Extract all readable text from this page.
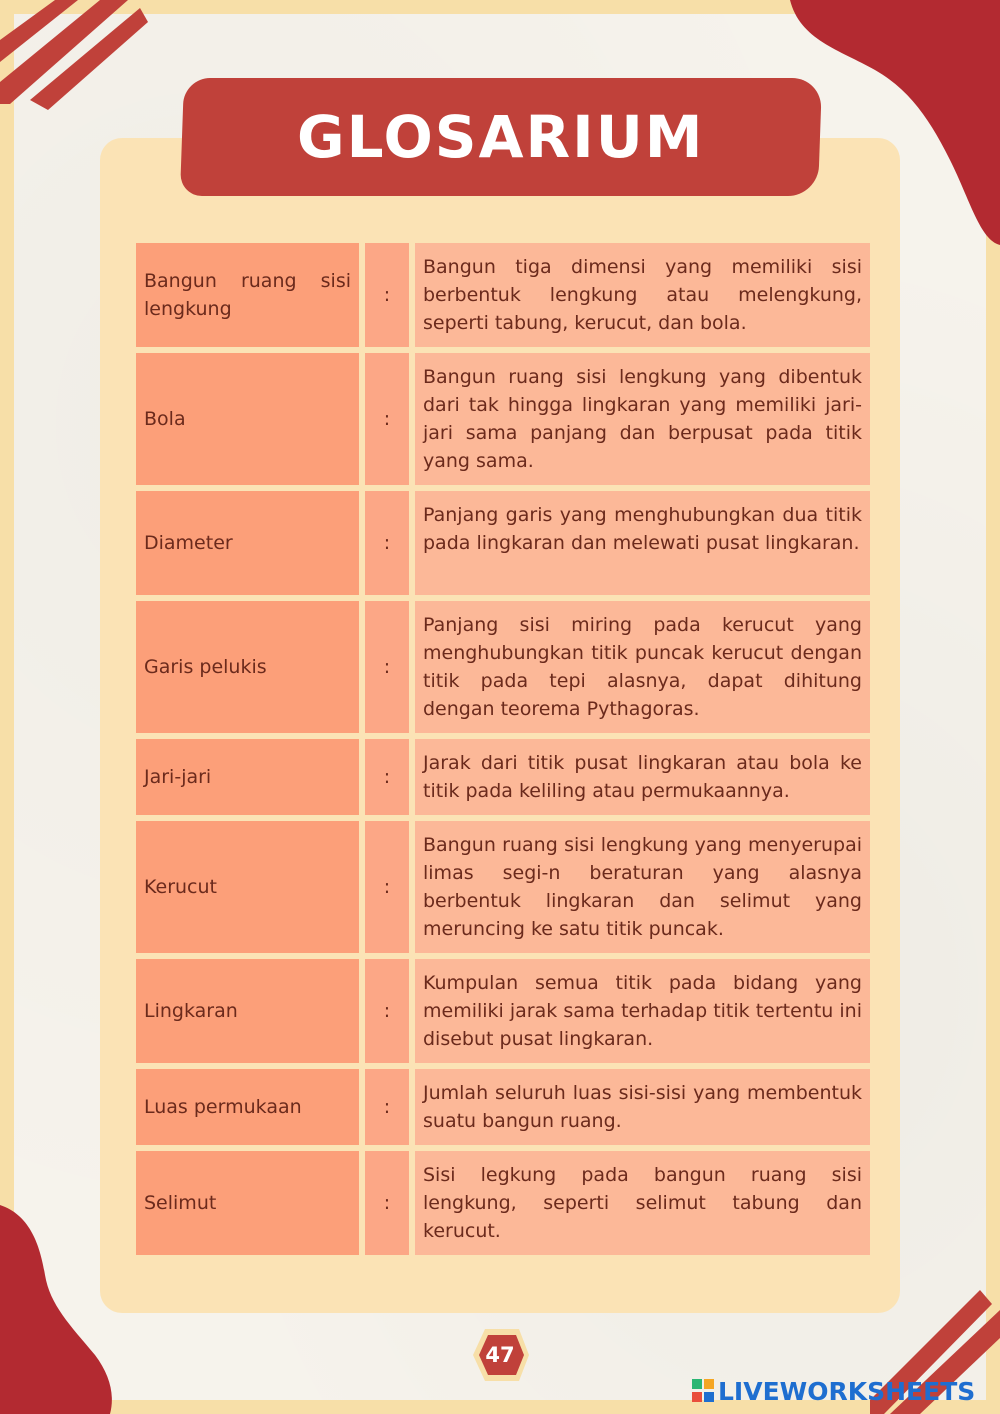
GLOSARIUM
Bangun ruang sisi lengkung
:
Bangun tiga dimensi yang memiliki sisi berbentuk lengkung atau melengkung, seperti tabung, kerucut, dan bola.
Bola	:
Bangun ruang sisi lengkung yang dibentuk dari tak hingga lingkaran yang memiliki jari-jari sama panjang dan berpusat pada titik yang sama.
Diameter	:
Panjang garis yang menghubungkan dua titik pada lingkaran dan melewati pusat lingkaran.
Garis pelukis	:
Panjang sisi miring pada kerucut yang menghubungkan titik puncak kerucut dengan titik pada tepi alasnya, dapat dihitung dengan teorema Pythagoras.
Jari-jari	:
Jarak dari titik pusat lingkaran atau bola ke titik pada keliling atau permukaannya.
Kerucut	:
Bangun ruang sisi lengkung yang menyerupai limas segi-n beraturan yang alasnya berbentuk lingkaran dan selimut yang meruncing ke satu titik puncak.
Lingkaran	:
Kumpulan semua titik pada bidang yang memiliki jarak sama terhadap titik tertentu ini disebut pusat lingkaran.
Luas permukaan	:
Jumlah seluruh luas sisi-sisi yang membentuk suatu bangun ruang.
Selimut	:
Sisi legkung pada bangun ruang sisi lengkung, seperti selimut tabung dan kerucut.
47
LIVEWORKSHEETS
